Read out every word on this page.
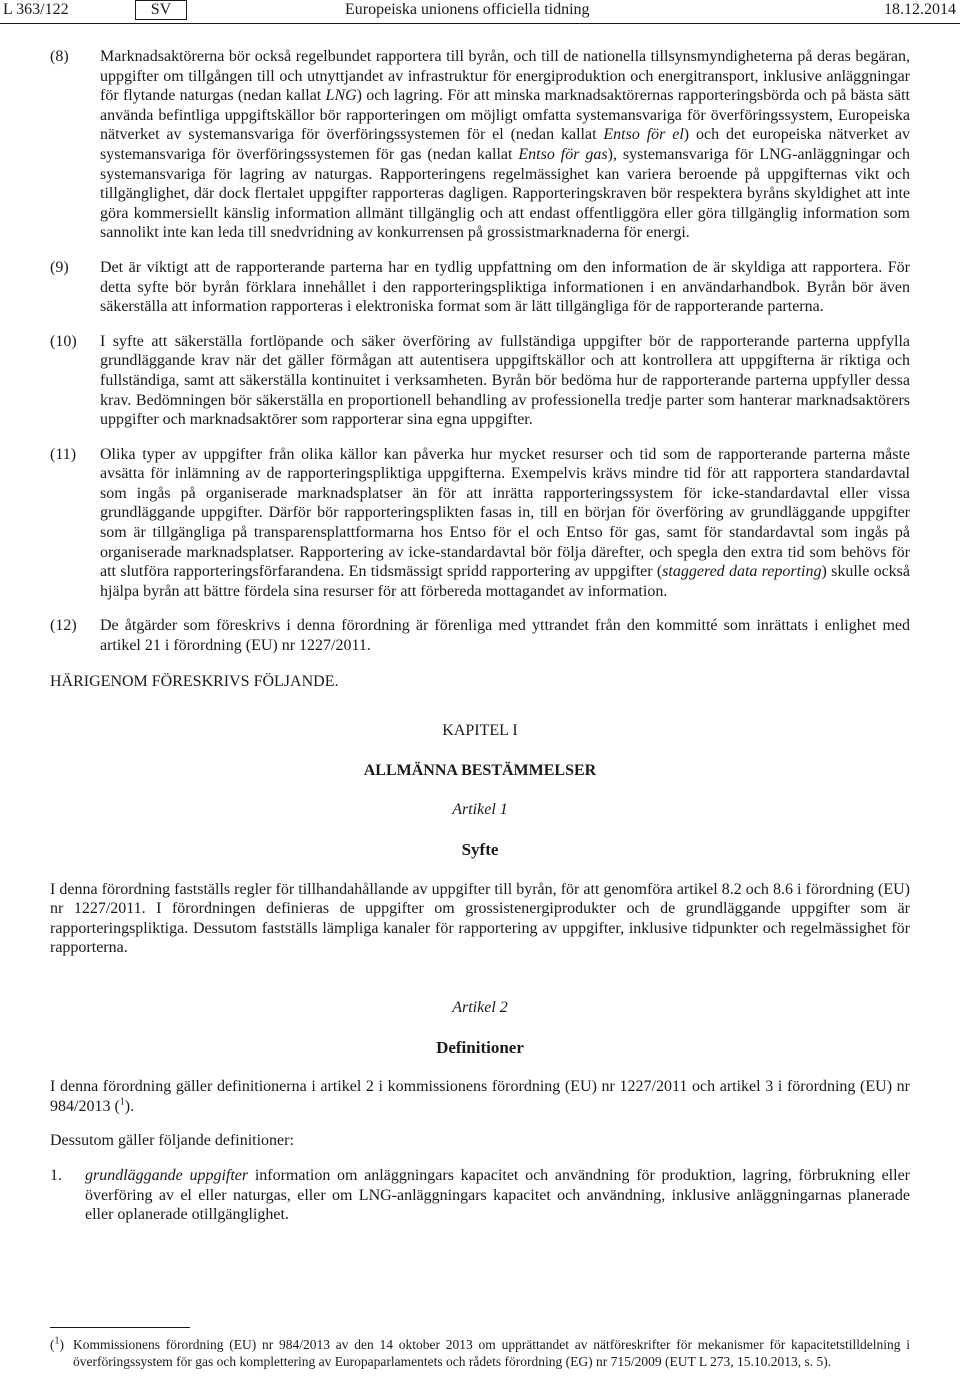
L 363/122	SV	Europeiska unionens officiella tidning	18.12.2014
(8) Marknadsaktörerna bör också regelbundet rapportera till byrån, och till de nationella tillsynsmyndigheterna på deras begäran, uppgifter om tillgången till och utnyttjandet av infrastruktur för energiproduktion och energitransport, inklusive anläggningar för flytande naturgas (nedan kallat LNG) och lagring. För att minska marknadsaktörernas rapporteringsbörda och på bästa sätt använda befintliga uppgiftskällor bör rapporteringen om möjligt omfatta systemansvariga för överföringssystem, Europeiska nätverket av systemansvariga för överföringssystemen för el (nedan kallat Entso för el) och det europeiska nätverket av systemansvariga för överföringssystemen för gas (nedan kallat Entso för gas), systemansvariga för LNG-anläggningar och systemansvariga för lagring av naturgas. Rapporteringens regelmässighet kan variera beroende på uppgifternas vikt och tillgänglighet, där dock flertalet uppgifter rapporteras dagligen. Rapporteringskraven bör respektera byråns skyldighet att inte göra kommersiellt känslig information allmänt tillgänglig och att endast offentliggöra eller göra tillgänglig information som sannolikt inte kan leda till snedvridning av konkurrensen på grossistmarknaderna för energi.
(9) Det är viktigt att de rapporterande parterna har en tydlig uppfattning om den information de är skyldiga att rapportera. För detta syfte bör byrån förklara innehållet i den rapporteringspliktiga informationen i en användarhandbok. Byrån bör även säkerställa att information rapporteras i elektroniska format som är lätt tillgängliga för de rapporterande parterna.
(10) I syfte att säkerställa fortlöpande och säker överföring av fullständiga uppgifter bör de rapporterande parterna uppfylla grundläggande krav när det gäller förmågan att autentisera uppgiftskällor och att kontrollera att uppgifterna är riktiga och fullständiga, samt att säkerställa kontinuitet i verksamheten. Byrån bör bedöma hur de rapporterande parterna uppfyller dessa krav. Bedömningen bör säkerställa en proportionell behandling av professionella tredje parter som hanterar marknadsaktörers uppgifter och marknadsaktörer som rapporterar sina egna uppgifter.
(11) Olika typer av uppgifter från olika källor kan påverka hur mycket resurser och tid som de rapporterande parterna måste avsätta för inlämning av de rapporteringspliktiga uppgifterna. Exempelvis krävs mindre tid för att rapportera standardavtal som ingås på organiserade marknadsplatser än för att inrätta rapporteringssystem för icke-standardavtal eller vissa grundläggande uppgifter. Därför bör rapporteringsplikten fasas in, till en början för överföring av grundläggande uppgifter som är tillgängliga på transparensplattformarna hos Entso för el och Entso för gas, samt för standardavtal som ingås på organiserade marknadsplatser. Rapportering av icke-standardavtal bör följa därefter, och spegla den extra tid som behövs för att slutföra rapporteringsförfarandena. En tidsmässigt spridd rapportering av uppgifter (staggered data reporting) skulle också hjälpa byrån att bättre fördela sina resurser för att förbereda mottagandet av information.
(12) De åtgärder som föreskrivs i denna förordning är förenliga med yttrandet från den kommitté som inrättats i enlighet med artikel 21 i förordning (EU) nr 1227/2011.
HÄRIGENOM FÖRESKRIVS FÖLJANDE.
KAPITEL I
ALLMÄNNA BESTÄMMELSER
Artikel 1
Syfte

I denna förordning fastställs regler för tillhandahållande av uppgifter till byrån, för att genomföra artikel 8.2 och 8.6 i förordning (EU) nr 1227/2011. I förordningen definieras de uppgifter om grossistenergiprodukter och de grundläggande uppgifter som är rapporteringspliktiga. Dessutom fastställs lämpliga kanaler för rapportering av uppgifter, inklusive tidpunkter och regelmässighet för rapporterna.

Artikel 2
Definitioner

I denna förordning gäller definitionerna i artikel 2 i kommissionens förordning (EU) nr 1227/2011 och artikel 3 i förordning (EU) nr 984/2013 ($^1$).

Dessutom gäller följande definitioner:

1. grundläggande uppgifter information om anläggningars kapacitet och användning för produktion, lagring, förbrukning eller överföring av el eller naturgas, eller om LNG-anläggningars kapacitet och användning, inklusive anläggningarnas planerade eller oplanerade otillgänglighet.
($^1$) Kommissionens förordning (EU) nr 984/2013 av den 14 oktober 2013 om upprättandet av nätföreskrifter för mekanismer för kapacitetstilldelning i överföringssystem för gas och komplettering av Europaparlamentets och rådets förordning (EG) nr 715/2009 (EUT L 273, 15.10.2013, s. 5).
